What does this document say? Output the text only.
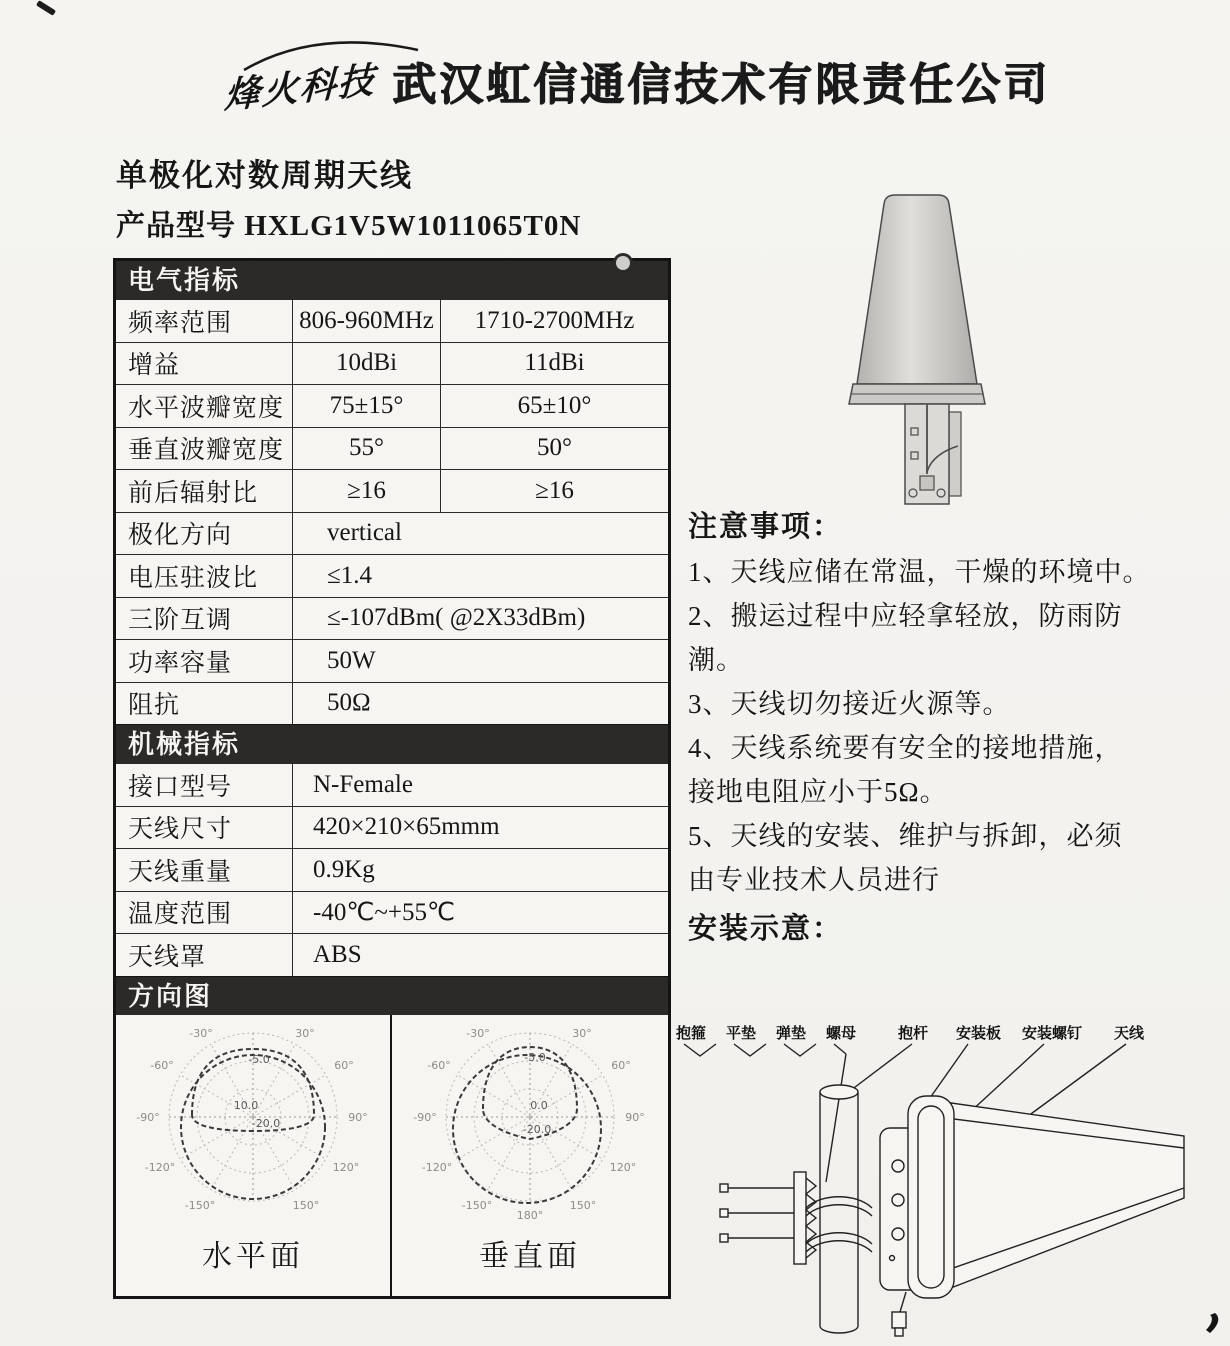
烽火科技 武汉虹信通信技术有限责任公司
单极化对数周期天线
产品型号 HXLG1V5W1011065T0N
电气指标
频率范围	806-960MHz	1710-2700MHz
增益	10dBi	11dBi
水平波瓣宽度	75±15°	65±10°
垂直波瓣宽度	55°	50°
前后辐射比	≥16	≥16
极化方向	vertical
电压驻波比	≤1.4
三阶互调	≤-107dBm( @2X33dBm)
功率容量	50W
阻抗	50Ω
机械指标
接口型号	N-Female
天线尺寸	420×210×65mmm
天线重量	0.9Kg
温度范围	-40℃~+55℃
天线罩	ABS
方向图
-30°	30°
-60°	60°
-90°	90°
-120°	120°
-150°	150°
-5.0
10.0
-20.0
水平面
-30°	30°
-60°	60°
-90°	90°
-120°	120°
-150°	150°
180°
-5.0
0.0
-20.0
垂直面
注意事项：
1、天线应储在常温，干燥的环境中。
2、搬运过程中应轻拿轻放，防雨防
潮。
3、天线切勿接近火源等。
4、天线系统要有安全的接地措施，
接地电阻应小于5Ω。
5、天线的安装、维护与拆卸，必须
由专业技术人员进行
安装示意：
抱箍 平垫 弹垫 螺母	抱杆 安装板 安装螺钉 天线
